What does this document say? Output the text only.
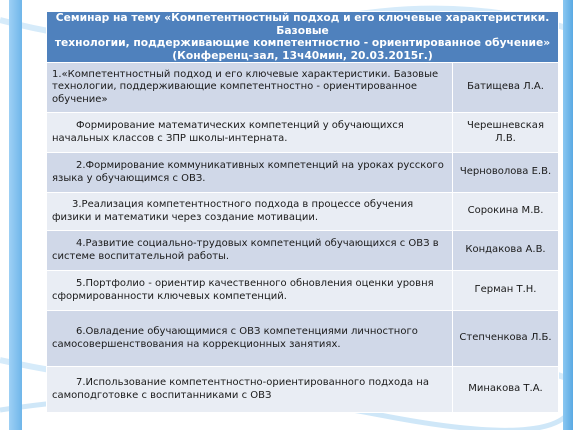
Семинар на тему «Компетентностный подход и его ключевые характеристики. Базовые
технологии, поддерживающие компетентностно - ориентированное обучение»
(Конференц-зал, 13ч40мин, 20.03.2015г.)	

1.«Компетентностный подход и его ключевые характеристики. Базовые технологии, поддерживающие компетентностно - ориентированное обучение»	Батищева Л.А.
Формирование математических компетенций у обучающихся начальных классов с ЗПР школы-интерната.	Черешневская Л.В.
2.Формирование коммуникативных компетенций на уроках русского языка у обучающимся с ОВЗ.	Черноволова Е.В.
3.Реализация компетентностного подхода в процессе обучения физики и математики через создание мотивации.	Сорокина М.В.
4.Развитие социально-трудовых компетенций обучающихся с ОВЗ в системе воспитательной работы.	Кондакова А.В.
5.Портфолио - ориентир качественного обновления оценки уровня сформированности ключевых компетенций.	Герман Т.Н.
6.Овладение обучающимися с ОВЗ компетенциями личностного самосовершенствования на коррекционных занятиях.	Степченкова Л.Б.
7.Использование компетентностно-ориентированного подхода на самоподготовке с воспитанниками с ОВЗ	Минакова Т.А.
